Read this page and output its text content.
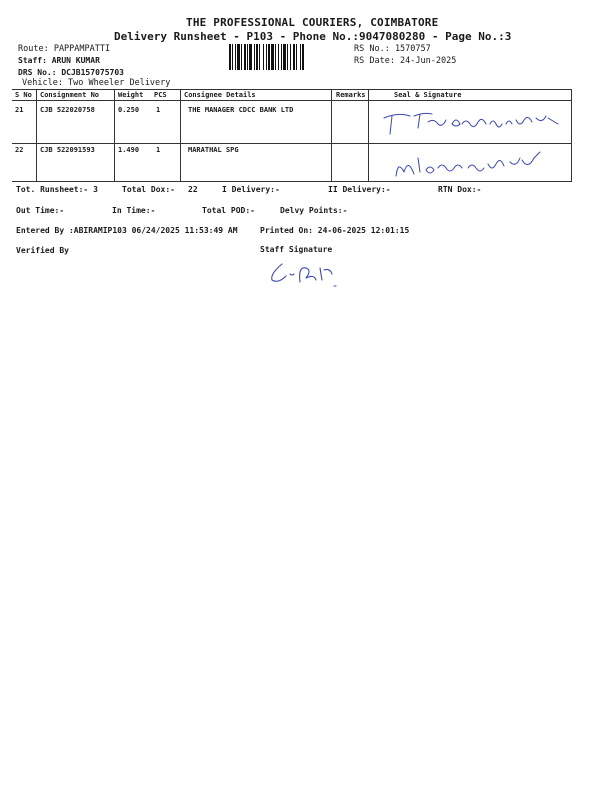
THE PROFESSIONAL COURIERS, COIMBATORE
Delivery Runsheet - P103 - Phone No.:9047080280 - Page No.:3
Route: PAPPAMPATTI
Staff: ARUN KUMAR
DRS No.: DCJB157075703
Vehicle: Two Wheeler Delivery
RS No.: 1570757
RS Date: 24-Jun-2025
S No Consignment No	Weight PCS Consignee Details	Remarks	Seal & Signature
21 CJB 522020758	0.250 1	THE MANAGER CDCC BANK LTD
22 CJB 522091593	1.490 1	MARATHAL SPG
Tot. Runsheet:- 3	Total Dox:- 22	I Delivery:-	II Delivery:-	RTN Dox:-
Out Time:-	In Time:-	Total POD:-	Delvy Points:-
Entered By :ABIRAMIP103 06/24/2025 11:53:49 AM	Printed On: 24-06-2025 12:01:15
Verified By	Staff Signature
